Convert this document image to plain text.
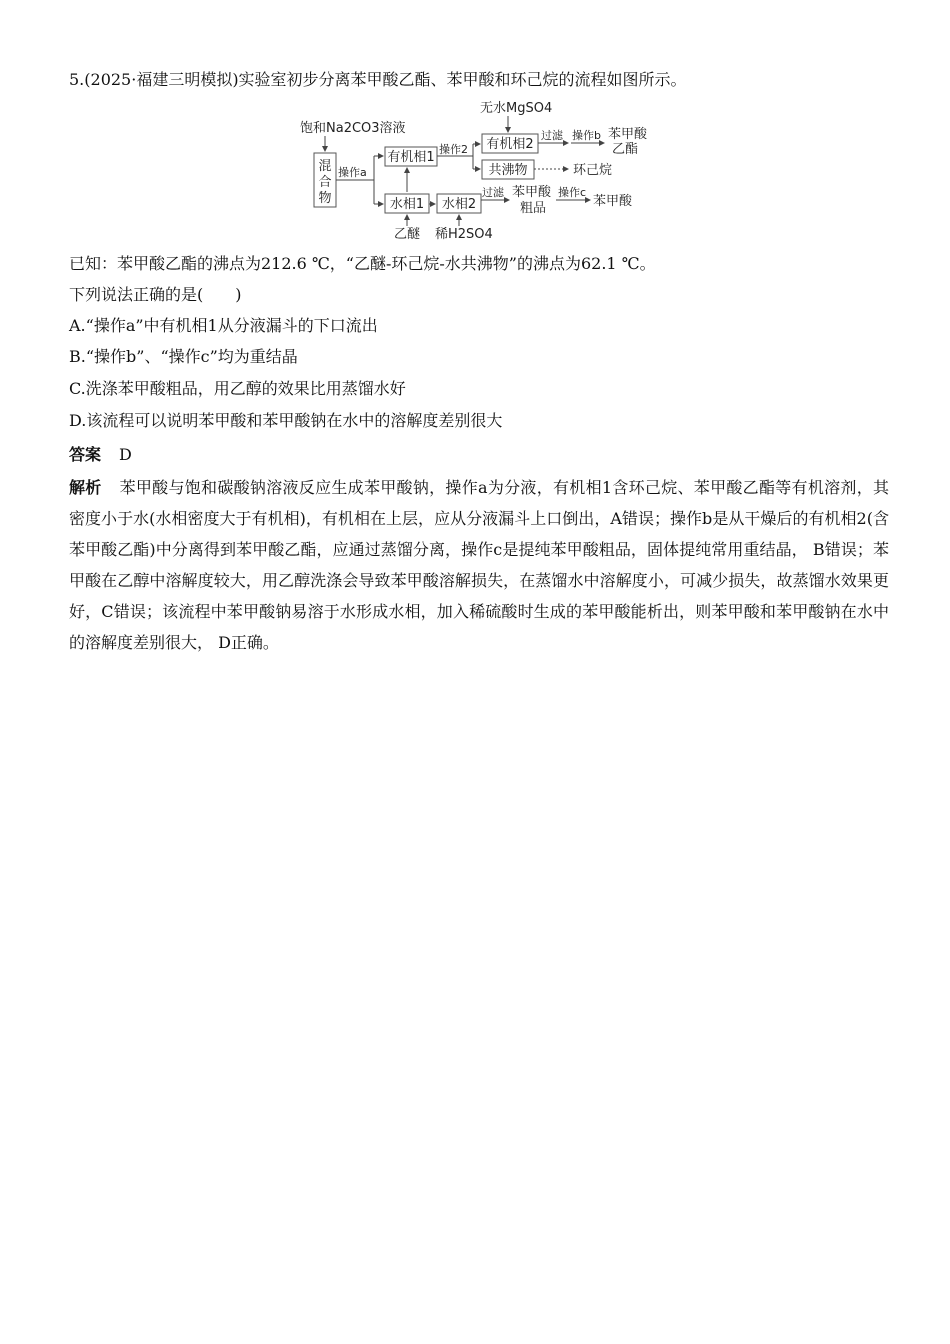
5.(2025·福建三明模拟)实验室初步分离苯甲酸乙酯、苯甲酸和环己烷的流程如图所示。
饱和Na2CO3溶液
混
合
物
操作a
有机相1
水相1
乙醚
操作2
无水MgSO4
有机相2
共沸物
过滤 操作b 苯甲酸
乙酯
环己烷
水相2
稀H2SO4
过滤 苯甲酸
粗品
操作c
苯甲酸
已知：苯甲酸乙酯的沸点为212.6 ℃，“乙醚-环己烷-水共沸物”的沸点为62.1 ℃。
下列说法正确的是(　　)
A.“操作a”中有机相1从分液漏斗的下口流出
B.“操作b”、“操作c”均为重结晶
C.洗涤苯甲酸粗品，用乙醇的效果比用蒸馏水好
D.该流程可以说明苯甲酸和苯甲酸钠在水中的溶解度差别很大
答案 D
解析 苯甲酸与饱和碳酸钠溶液反应生成苯甲酸钠，操作a为分液，有机相1含环己烷、苯甲酸乙酯等有机溶剂，其密度小于水(水相密度大于有机相)，有机相在上层，应从分液漏斗上口倒出，A错误；操作b是从干燥后的有机相2(含苯甲酸乙酯)中分离得到苯甲酸乙酯，应通过蒸馏分离，操作c是提纯苯甲酸粗品，固体提纯常用重结晶， B错误；苯甲酸在乙醇中溶解度较大，用乙醇洗涤会导致苯甲酸溶解损失，在蒸馏水中溶解度小，可减少损失，故蒸馏水效果更好，C错误；该流程中苯甲酸钠易溶于水形成水相，加入稀硫酸时生成的苯甲酸能析出，则苯甲酸和苯甲酸钠在水中的溶解度差别很大， D正确。
